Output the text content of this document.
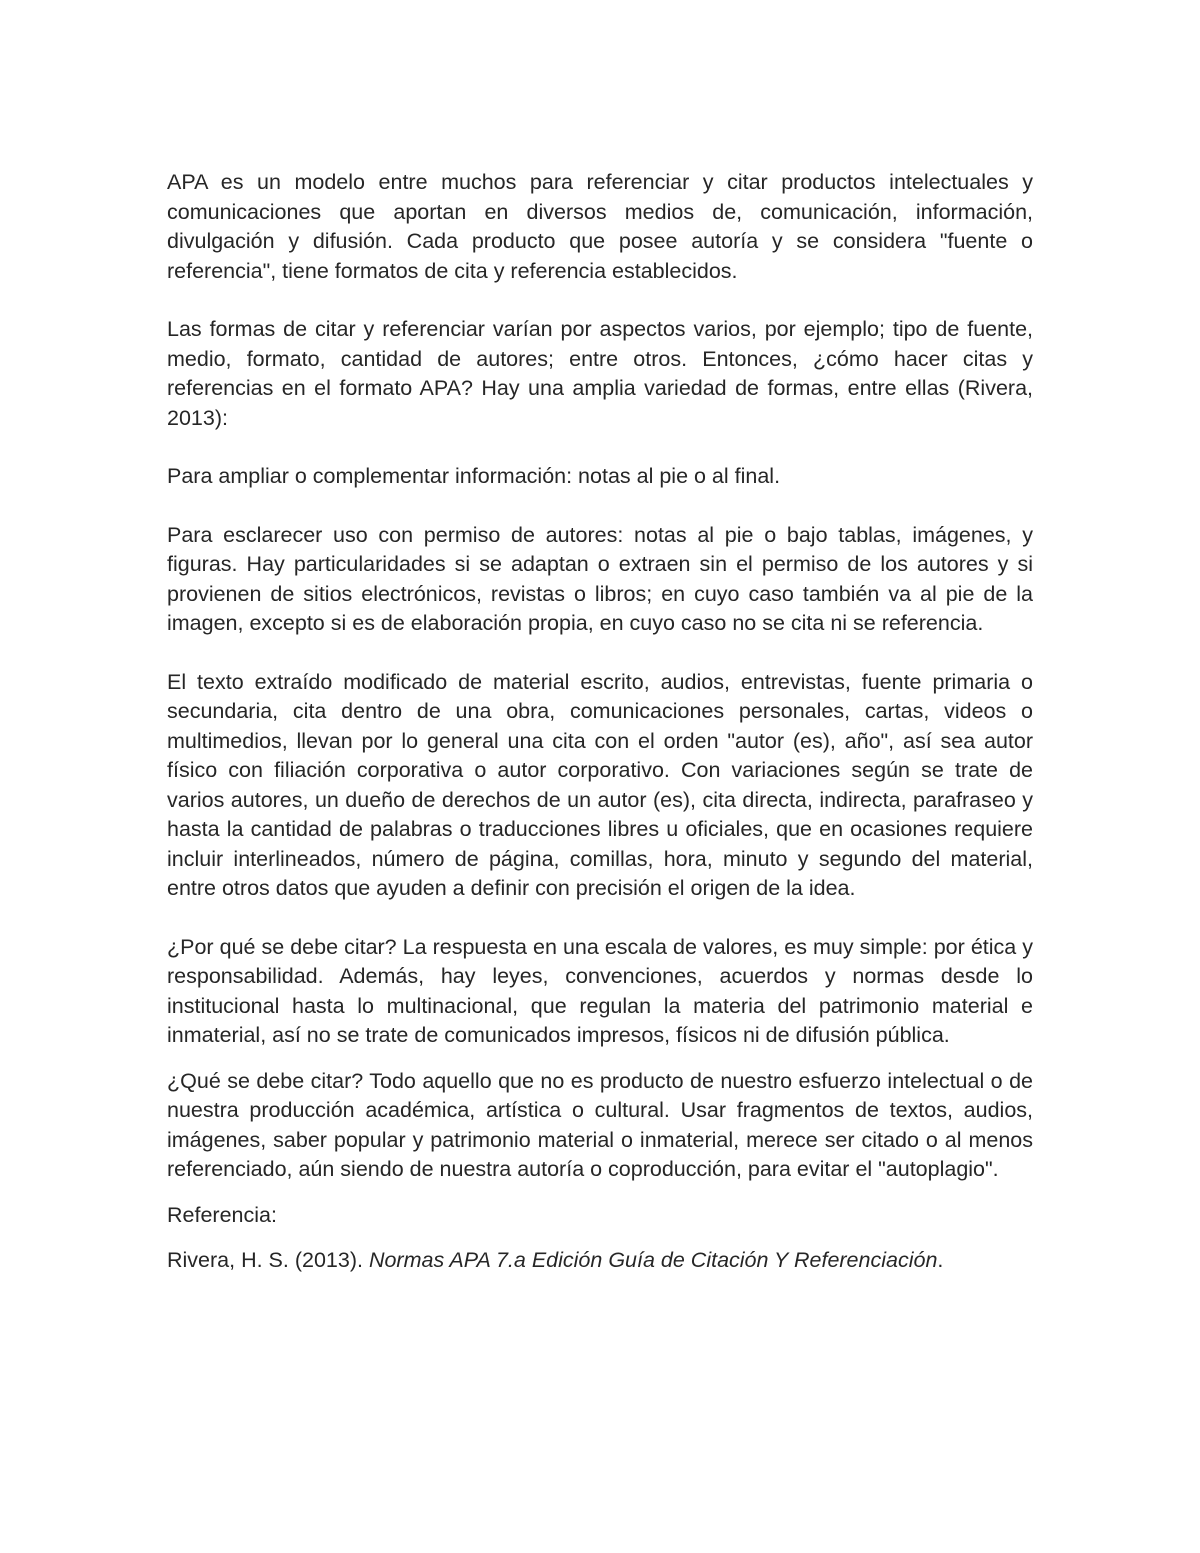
APA es un modelo entre muchos para referenciar y citar productos intelectuales y comunicaciones que aportan en diversos medios de, comunicación, información, divulgación y difusión. Cada producto que posee autoría y se considera "fuente o referencia", tiene formatos de cita y referencia establecidos.

Las formas de citar y referenciar varían por aspectos varios, por ejemplo; tipo de fuente, medio, formato, cantidad de autores; entre otros. Entonces, ¿cómo hacer citas y referencias en el formato APA? Hay una amplia variedad de formas, entre ellas (Rivera, 2013):

Para ampliar o complementar información: notas al pie o al final.

Para esclarecer uso con permiso de autores: notas al pie o bajo tablas, imágenes, y figuras. Hay particularidades si se adaptan o extraen sin el permiso de los autores y si provienen de sitios electrónicos, revistas o libros; en cuyo caso también va al pie de la imagen, excepto si es de elaboración propia, en cuyo caso no se cita ni se referencia.

El texto extraído modificado de material escrito, audios, entrevistas, fuente primaria o secundaria, cita dentro de una obra, comunicaciones personales, cartas, videos o multimedios, llevan por lo general una cita con el orden "autor (es), año", así sea autor físico con filiación corporativa o autor corporativo. Con variaciones según se trate de varios autores, un dueño de derechos de un autor (es), cita directa, indirecta, parafraseo y hasta la cantidad de palabras o traducciones libres u oficiales, que en ocasiones requiere incluir interlineados, número de página, comillas, hora, minuto y segundo del material, entre otros datos que ayuden a definir con precisión el origen de la idea.

¿Por qué se debe citar? La respuesta en una escala de valores, es muy simple: por ética y responsabilidad. Además, hay leyes, convenciones, acuerdos y normas desde lo institucional hasta lo multinacional, que regulan la materia del patrimonio material e inmaterial, así no se trate de comunicados impresos, físicos ni de difusión pública.

¿Qué se debe citar? Todo aquello que no es producto de nuestro esfuerzo intelectual o de nuestra producción académica, artística o cultural. Usar fragmentos de textos, audios, imágenes, saber popular y patrimonio material o inmaterial, merece ser citado o al menos referenciado, aún siendo de nuestra autoría o coproducción, para evitar el "autoplagio".

Referencia:

Rivera, H. S. (2013). Normas APA 7.a Edición Guía de Citación Y Referenciación.
